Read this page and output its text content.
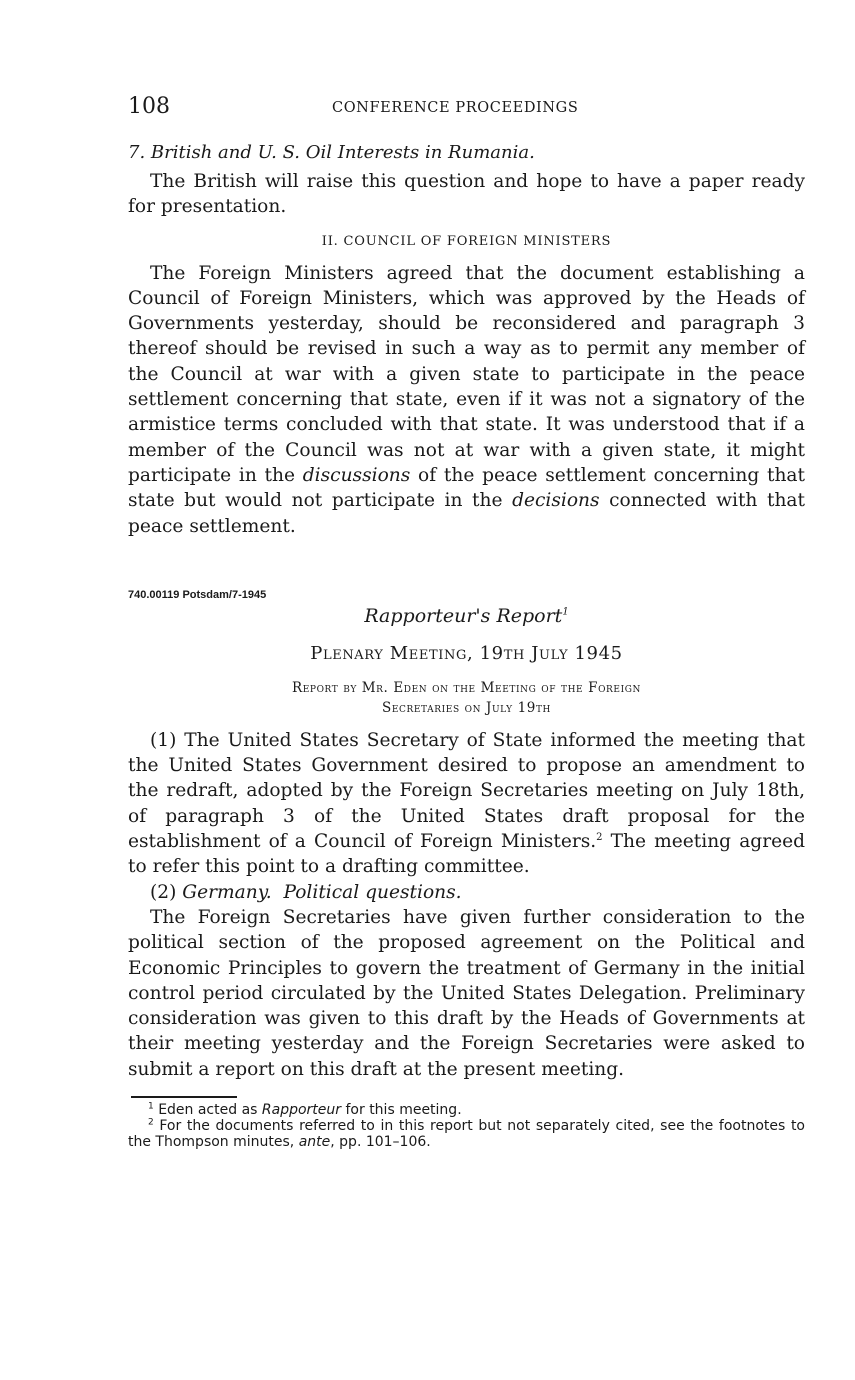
108	CONFERENCE PROCEEDINGS
7. British and U. S. Oil Interests in Rumania.

The British will raise this question and hope to have a paper ready for presentation.

II. COUNCIL OF FOREIGN MINISTERS

The Foreign Ministers agreed that the document establishing a Council of Foreign Ministers, which was approved by the Heads of Governments yesterday, should be reconsidered and paragraph 3 thereof should be revised in such a way as to permit any member of the Council at war with a given state to participate in the peace settlement concerning that state, even if it was not a signatory of the armistice terms concluded with that state. It was understood that if a member of the Council was not at war with a given state, it might participate in the discussions of the peace settlement concerning that state but would not participate in the decisions connected with that peace settlement.

740.00119 Potsdam/7-1945
Rapporteur's Report$^1$
Plenary Meeting, 19th July 1945
Report by Mr. Eden on the Meeting of the Foreign
Secretaries on July 19th

(1) The United States Secretary of State informed the meeting that the United States Government desired to propose an amendment to the redraft, adopted by the Foreign Secretaries meeting on July 18th, of paragraph 3 of the United States draft proposal for the establishment of a Council of Foreign Ministers.$^2$ The meeting agreed to refer this point to a drafting committee.

(2) Germany. Political questions.

The Foreign Secretaries have given further consideration to the political section of the proposed agreement on the Political and Economic Principles to govern the treatment of Germany in the initial control period circulated by the United States Delegation. Preliminary consideration was given to this draft by the Heads of Governments at their meeting yesterday and the Foreign Secretaries were asked to submit a report on this draft at the present meeting.

$^1$ Eden acted as Rapporteur for this meeting.
$^2$ For the documents referred to in this report but not separately cited, see the footnotes to the Thompson minutes, ante, pp. 101–106.
